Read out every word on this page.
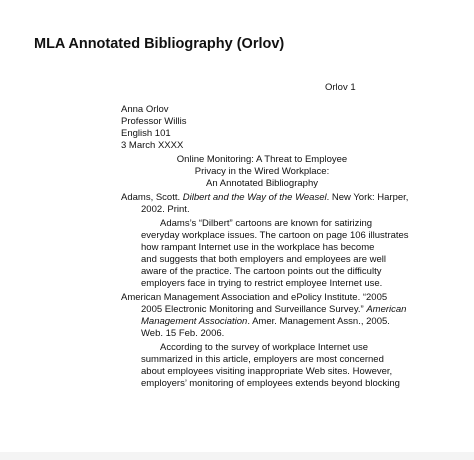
MLA Annotated Bibliography (Orlov)
Orlov 1
Anna Orlov
Professor Willis
English 101
3 March XXXX
Online Monitoring: A Threat to Employee
Privacy in the Wired Workplace:
An Annotated Bibliography
Adams, Scott. Dilbert and the Way of the Weasel. New York: Harper,
2002. Print.
Adams’s “Dilbert” cartoons are known for satirizing
everyday workplace issues. The cartoon on page 106 illustrates
how rampant Internet use in the workplace has become
and suggests that both employers and employees are well
aware of the practice. The cartoon points out the difficulty
employers face in trying to restrict employee Internet use.
American Management Association and ePolicy Institute. “2005
2005 Electronic Monitoring and Surveillance Survey.” American
Management Association. Amer. Management Assn., 2005.
Web. 15 Feb. 2006.
According to the survey of workplace Internet use
summarized in this article, employers are most concerned
about employees visiting inappropriate Web sites. However,
employers’ monitoring of employees extends beyond blocking
